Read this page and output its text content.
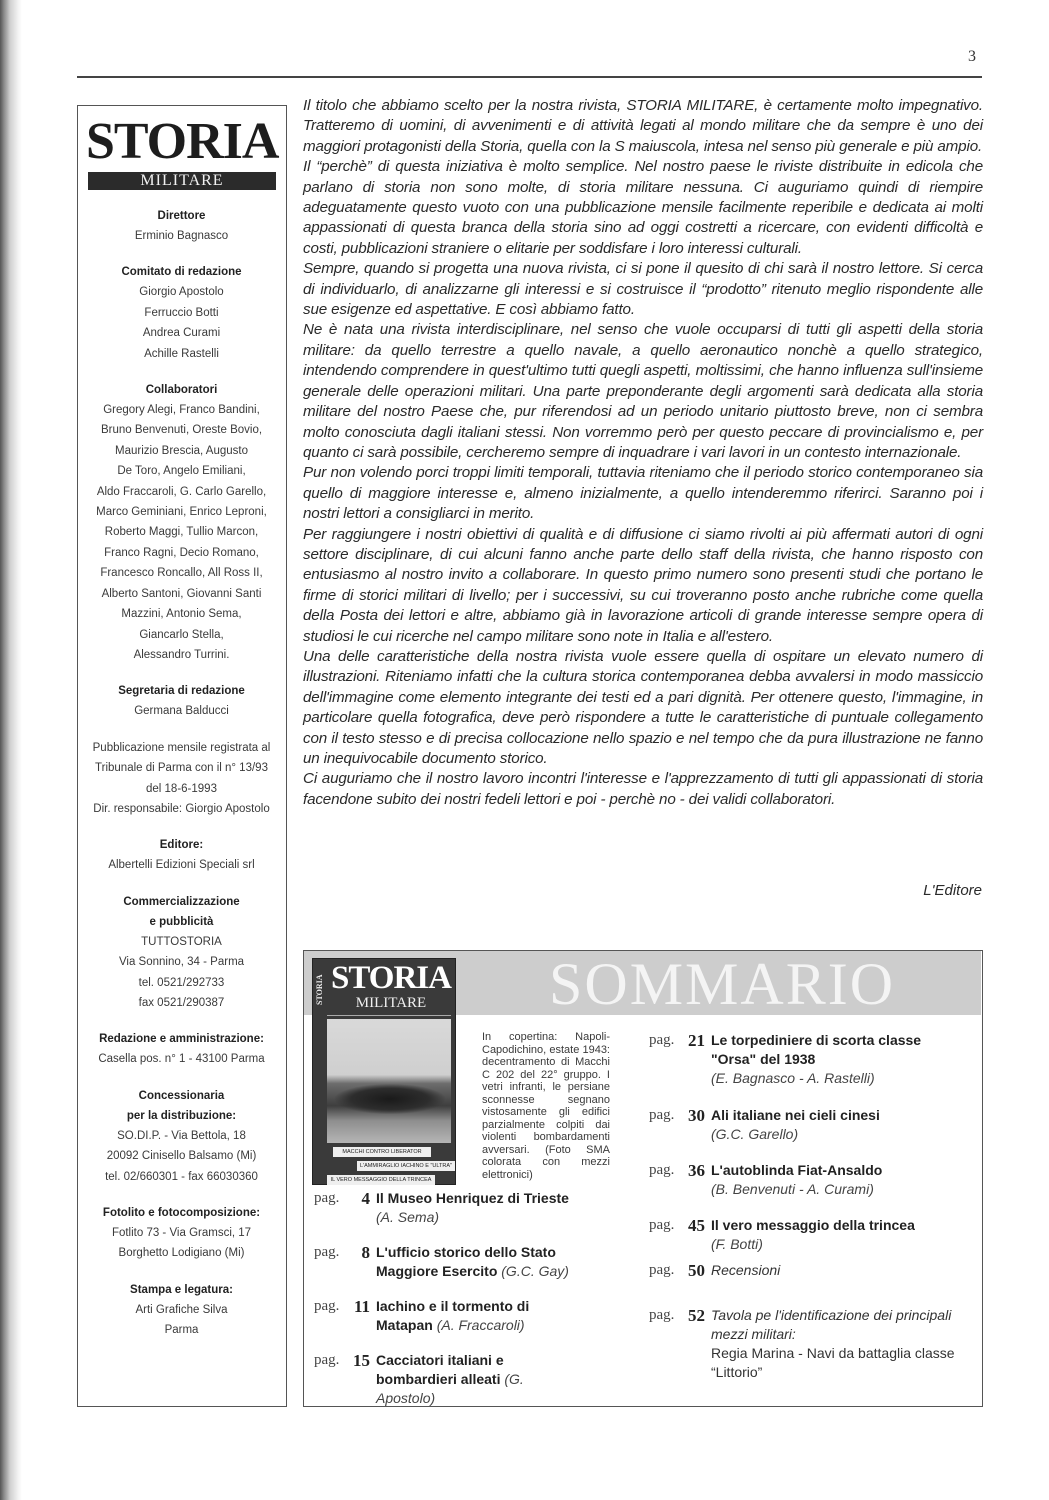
3
STORIA
MILITARE
Direttore
Erminio Bagnasco
Comitato di redazione
Giorgio Apostolo
Ferruccio Botti
Andrea Curami
Achille Rastelli
Collaboratori
Gregory Alegi, Franco Bandini,
Bruno Benvenuti, Oreste Bovio,
Maurizio Brescia, Augusto
De Toro, Angelo Emiliani,
Aldo Fraccaroli, G. Carlo Garello,
Marco Geminiani, Enrico Leproni,
Roberto Maggi, Tullio Marcon,
Franco Ragni, Decio Romano,
Francesco Roncallo, All Ross II,
Alberto Santoni, Giovanni Santi
Mazzini, Antonio Sema,
Giancarlo Stella,
Alessandro Turrini.
Segretaria di redazione
Germana Balducci
Pubblicazione mensile registrata al
Tribunale di Parma con il n° 13/93
del 18-6-1993
Dir. responsabile: Giorgio Apostolo
Editore:
Albertelli Edizioni Speciali srl
Commercializzazione
e pubblicità
TUTTOSTORIA
Via Sonnino, 34 - Parma
tel. 0521/292733
fax 0521/290387
Redazione e amministrazione:
Casella pos. n° 1 - 43100 Parma
Concessionaria
per la distribuzione:
SO.DI.P. - Via Bettola, 18
20092 Cinisello Balsamo (Mi)
tel. 02/660301 - fax 66030360
Fotolito e fotocomposizione:
Fotlito 73 - Via Gramsci, 17
Borghetto Lodigiano (Mi)
Stampa e legatura:
Arti Grafiche Silva
Parma

Il titolo che abbiamo scelto per la nostra rivista, STORIA MILITARE, è certamente molto impegnativo. Tratteremo di uomini, di avvenimenti e di attività legati al mondo militare che da sempre è uno dei maggiori protagonisti della Storia, quella con la S maiuscola, intesa nel senso più generale e più ampio.

Il “perchè” di questa iniziativa è molto semplice. Nel nostro paese le riviste distribuite in edicola che parlano di storia non sono molte, di storia militare nessuna. Ci auguriamo quindi di riempire adeguatamente questo vuoto con una pubblicazione mensile facilmente reperibile e dedicata ai molti appassionati di questa branca della storia sino ad oggi costretti a ricercare, con evidenti difficoltà e costi, pubblicazioni straniere o elitarie per soddisfare i loro interessi culturali.

Sempre, quando si progetta una nuova rivista, ci si pone il quesito di chi sarà il nostro lettore. Si cerca di individuarlo, di analizzarne gli interessi e si costruisce il “prodotto” ritenuto meglio rispondente alle sue esigenze ed aspettative. E così abbiamo fatto.

Ne è nata una rivista interdisciplinare, nel senso che vuole occuparsi di tutti gli aspetti della storia militare: da quello terrestre a quello navale, a quello aeronautico nonchè a quello strategico, intendendo comprendere in quest'ultimo tutti quegli aspetti, moltissimi, che hanno influenza sull'insieme generale delle operazioni militari. Una parte preponderante degli argomenti sarà dedicata alla storia militare del nostro Paese che, pur riferendosi ad un periodo unitario piuttosto breve, non ci sembra molto conosciuta dagli italiani stessi. Non vorremmo però per questo peccare di provincialismo e, per quanto ci sarà possibile, cercheremo sempre di inquadrare i vari lavori in un contesto internazionale.

Pur non volendo porci troppi limiti temporali, tuttavia riteniamo che il periodo storico contemporaneo sia quello di maggiore interesse e, almeno inizialmente, a quello intenderemmo riferirci. Saranno poi i nostri lettori a consigliarci in merito.

Per raggiungere i nostri obiettivi di qualità e di diffusione ci siamo rivolti ai più affermati autori di ogni settore disciplinare, di cui alcuni fanno anche parte dello staff della rivista, che hanno risposto con entusiasmo al nostro invito a collaborare. In questo primo numero sono presenti studi che portano le firme di storici militari di livello; per i successivi, su cui troveranno posto anche rubriche come quella della Posta dei lettori e altre, abbiamo già in lavorazione articoli di grande interesse sempre opera di studiosi le cui ricerche nel campo militare sono note in Italia e all'estero.

Una delle caratteristiche della nostra rivista vuole essere quella di ospitare un elevato numero di illustrazioni. Riteniamo infatti che la cultura storica contemporanea debba avvalersi in modo massiccio dell'immagine come elemento integrante dei testi ed a pari dignità. Per ottenere questo, l'immagine, in particolare quella fotografica, deve però rispondere a tutte le caratteristiche di puntuale collegamento con il testo stesso e di precisa collocazione nello spazio e nel tempo che da pura illustrazione ne fanno un inequivocabile documento storico.

Ci auguriamo che il nostro lavoro incontri l'interesse e l'apprezzamento di tutti gli appassionati di storia facendone subito dei nostri fedeli lettori e poi - perchè no - dei validi collaboratori.

L'Editore
SOMMARIO
STORIA STORIA
MILITARE
MACCHI CONTRO LIBERATOR
L'AMMIRAGLIO IACHINO E "ULTRA"
IL VERO MESSAGGIO DELLA TRINCEA
In copertina: Napoli-Capodichino, estate 1943: decentramento di Macchi C 202 del 22° gruppo. I vetri infranti, le persiane sconnesse segnano vistosamente gli edifici parzialmente colpiti dai violenti bombardamenti avversari. (Foto SMA colorata con mezzi elettronici)
pag.	4 Il Museo Henriquez di Trieste
(A. Sema)
pag.	8 L'ufficio storico dello Stato Maggiore Esercito (G.C. Gay)
pag. 11 Iachino e il tormento di Matapan (A. Fraccaroli)
pag. 15 Cacciatori italiani e bombardieri alleati (G. Apostolo)
pag. 21 Le torpediniere di scorta classe "Orsa" del 1938
(E. Bagnasco - A. Rastelli)
pag. 30 Ali italiane nei cieli cinesi
(G.C. Garello)
pag. 36 L'autoblinda Fiat-Ansaldo
(B. Benvenuti - A. Curami)
pag. 45 Il vero messaggio della trincea
(F. Botti)
pag. 50 Recensioni
pag. 52 Tavola pe l'identificazione dei principali mezzi militari:
Regia Marina - Navi da battaglia classe “Littorio”
